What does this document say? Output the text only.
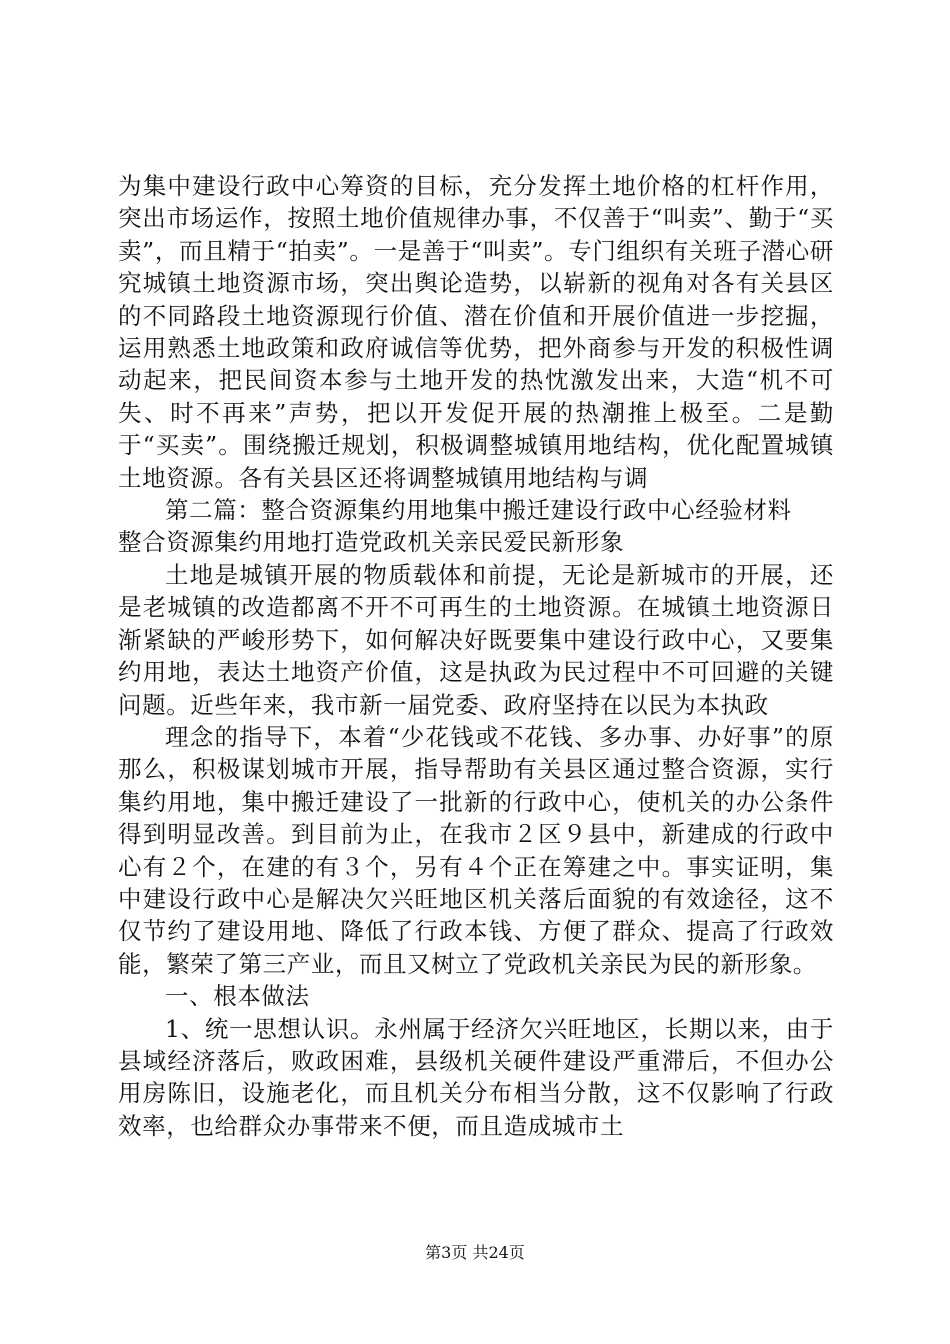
为集中建设行政中心筹资的目标，充分发挥土地价格的杠杆作用，突出市场运作，按照土地价值规律办事，不仅善于“叫卖”、勤于“买卖”，而且精于“拍卖”。一是善于“叫卖”。专门组织有关班子潜心研究城镇土地资源市场，突出舆论造势，以崭新的视角对各有关县区的不同路段土地资源现行价值、潜在价值和开展价值进一步挖掘，运用熟悉土地政策和政府诚信等优势，把外商参与开发的积极性调动起来，把民间资本参与土地开发的热忱激发出来，大造“机不可失、时不再来”声势，把以开发促开展的热潮推上极至。二是勤于“买卖”。围绕搬迁规划，积极调整城镇用地结构，优化配置城镇土地资源。各有关县区还将调整城镇用地结构与调

第二篇：整合资源集约用地集中搬迁建设行政中心经验材料

整合资源集约用地打造党政机关亲民爱民新形象

土地是城镇开展的物质载体和前提，无论是新城市的开展，还是老城镇的改造都离不开不可再生的土地资源。在城镇土地资源日渐紧缺的严峻形势下，如何解决好既要集中建设行政中心，又要集约用地，表达土地资产价值，这是执政为民过程中不可回避的关键问题。近些年来，我市新一届党委、政府坚持在以民为本执政

理念的指导下，本着“少花钱或不花钱、多办事、办好事”的原那么，积极谋划城市开展，指导帮助有关县区通过整合资源，实行集约用地，集中搬迁建设了一批新的行政中心，使机关的办公条件得到明显改善。到目前为止，在我市２区９县中，新建成的行政中心有２个，在建的有３个，另有４个正在筹建之中。事实证明，集中建设行政中心是解决欠兴旺地区机关落后面貌的有效途径，这不仅节约了建设用地、降低了行政本钱、方便了群众、提高了行政效能，繁荣了第三产业，而且又树立了党政机关亲民为民的新形象。

一、根本做法

1、统一思想认识。永州属于经济欠兴旺地区，长期以来，由于县域经济落后，败政困难，县级机关硬件建设严重滞后，不但办公用房陈旧，设施老化，而且机关分布相当分散，这不仅影响了行政效率，也给群众办事带来不便，而且造成城市土

第3页 共24页
